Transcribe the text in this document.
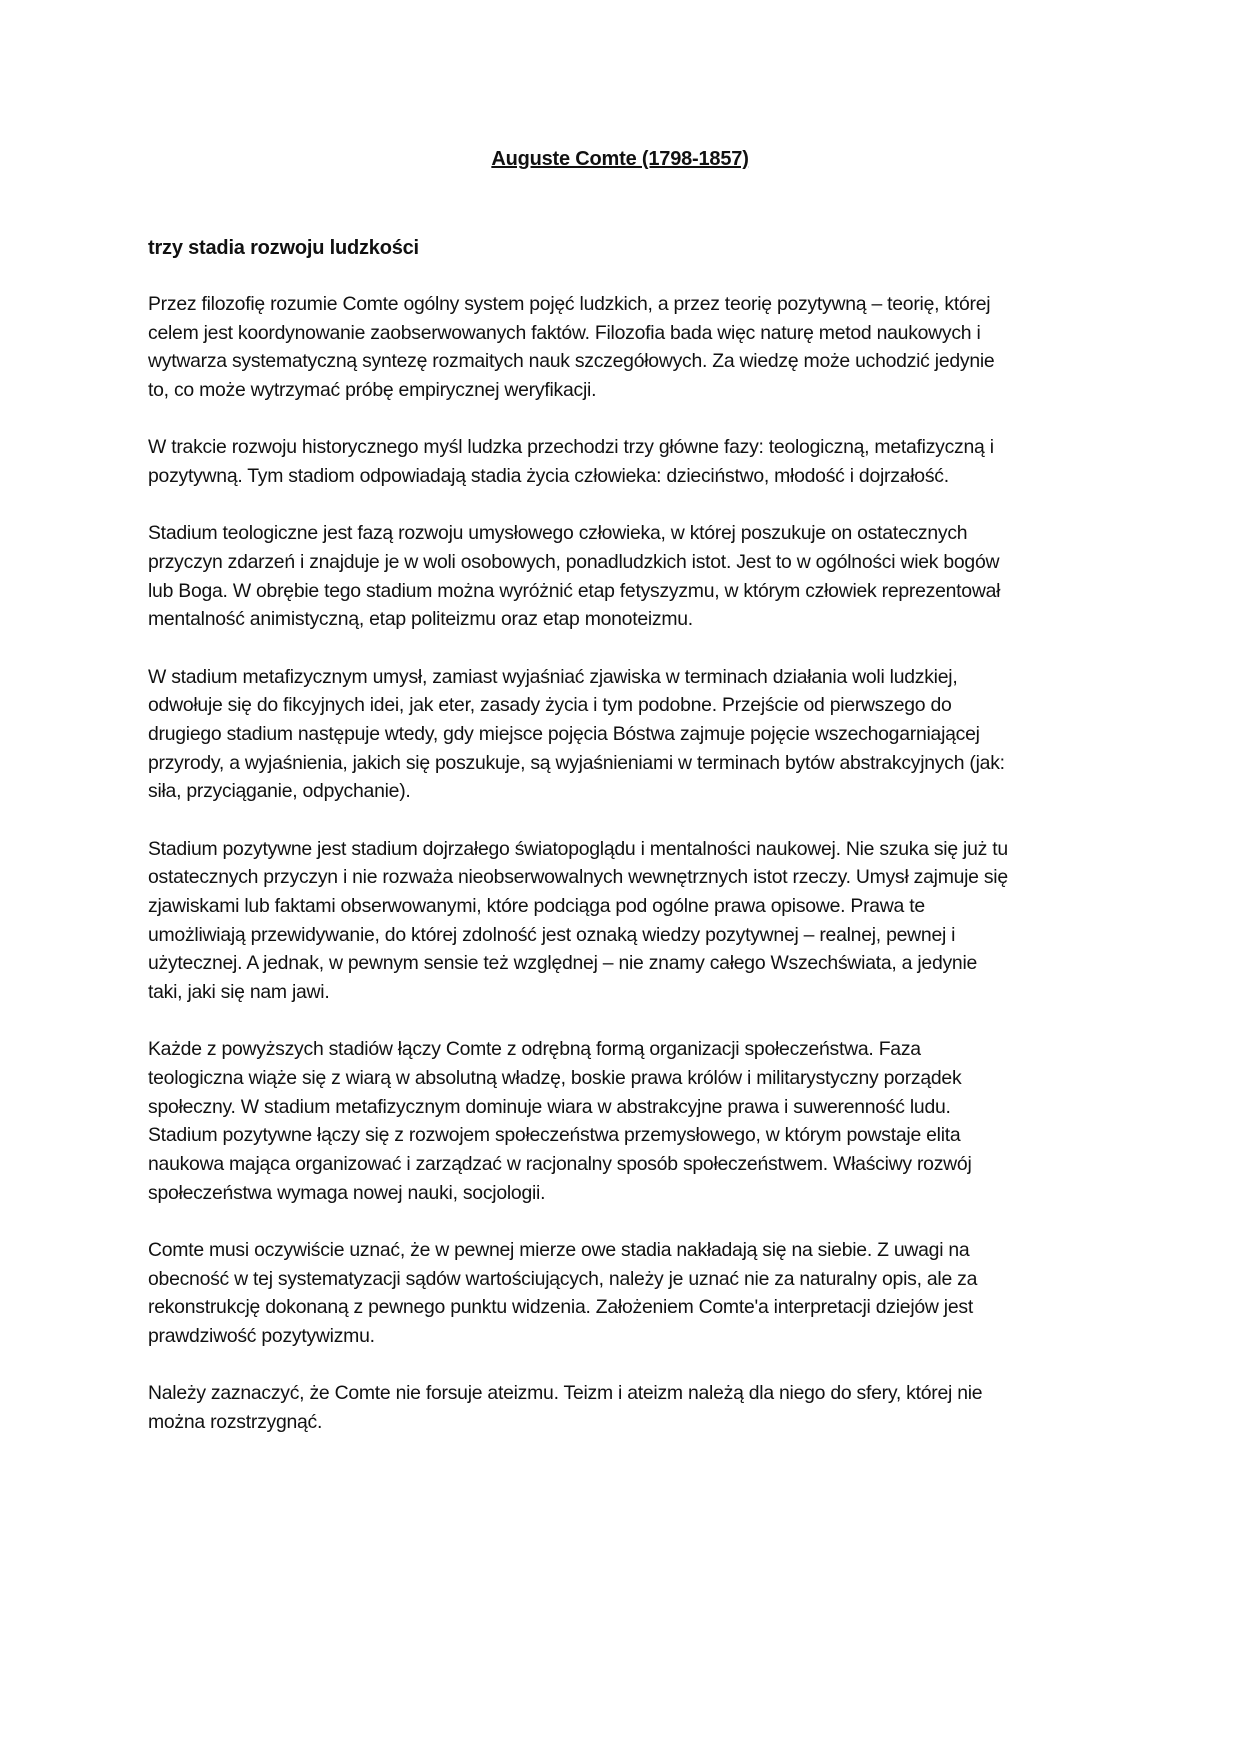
Auguste Comte (1798-1857)
trzy stadia rozwoju ludzkości

Przez filozofię rozumie Comte ogólny system pojęć ludzkich, a przez teorię pozytywną – teorię, której
celem jest koordynowanie zaobserwowanych faktów. Filozofia bada więc naturę metod naukowych i
wytwarza systematyczną syntezę rozmaitych nauk szczegółowych. Za wiedzę może uchodzić jedynie
to, co może wytrzymać próbę empirycznej weryfikacji.

W trakcie rozwoju historycznego myśl ludzka przechodzi trzy główne fazy: teologiczną, metafizyczną i
pozytywną. Tym stadiom odpowiadają stadia życia człowieka: dzieciństwo, młodość i dojrzałość.

Stadium teologiczne jest fazą rozwoju umysłowego człowieka, w której poszukuje on ostatecznych
przyczyn zdarzeń i znajduje je w woli osobowych, ponadludzkich istot. Jest to w ogólności wiek bogów
lub Boga. W obrębie tego stadium można wyróżnić etap fetyszyzmu, w którym człowiek reprezentował
mentalność animistyczną, etap politeizmu oraz etap monoteizmu.

W stadium metafizycznym umysł, zamiast wyjaśniać zjawiska w terminach działania woli ludzkiej,
odwołuje się do fikcyjnych idei, jak eter, zasady życia i tym podobne. Przejście od pierwszego do
drugiego stadium następuje wtedy, gdy miejsce pojęcia Bóstwa zajmuje pojęcie wszechogarniającej
przyrody, a wyjaśnienia, jakich się poszukuje, są wyjaśnieniami w terminach bytów abstrakcyjnych (jak:
siła, przyciąganie, odpychanie).

Stadium pozytywne jest stadium dojrzałego światopoglądu i mentalności naukowej. Nie szuka się już tu
ostatecznych przyczyn i nie rozważa nieobserwowalnych wewnętrznych istot rzeczy. Umysł zajmuje się
zjawiskami lub faktami obserwowanymi, które podciąga pod ogólne prawa opisowe. Prawa te
umożliwiają przewidywanie, do której zdolność jest oznaką wiedzy pozytywnej – realnej, pewnej i
użytecznej. A jednak, w pewnym sensie też względnej – nie znamy całego Wszechświata, a jedynie
taki, jaki się nam jawi.

Każde z powyższych stadiów łączy Comte z odrębną formą organizacji społeczeństwa. Faza
teologiczna wiąże się z wiarą w absolutną władzę, boskie prawa królów i militarystyczny porządek
społeczny. W stadium metafizycznym dominuje wiara w abstrakcyjne prawa i suwerenność ludu.
Stadium pozytywne łączy się z rozwojem społeczeństwa przemysłowego, w którym powstaje elita
naukowa mająca organizować i zarządzać w racjonalny sposób społeczeństwem. Właściwy rozwój
społeczeństwa wymaga nowej nauki, socjologii.

Comte musi oczywiście uznać, że w pewnej mierze owe stadia nakładają się na siebie. Z uwagi na
obecność w tej systematyzacji sądów wartościujących, należy je uznać nie za naturalny opis, ale za
rekonstrukcję dokonaną z pewnego punktu widzenia. Założeniem Comte'a interpretacji dziejów jest
prawdziwość pozytywizmu.

Należy zaznaczyć, że Comte nie forsuje ateizmu. Teizm i ateizm należą dla niego do sfery, której nie
można rozstrzygnąć.
